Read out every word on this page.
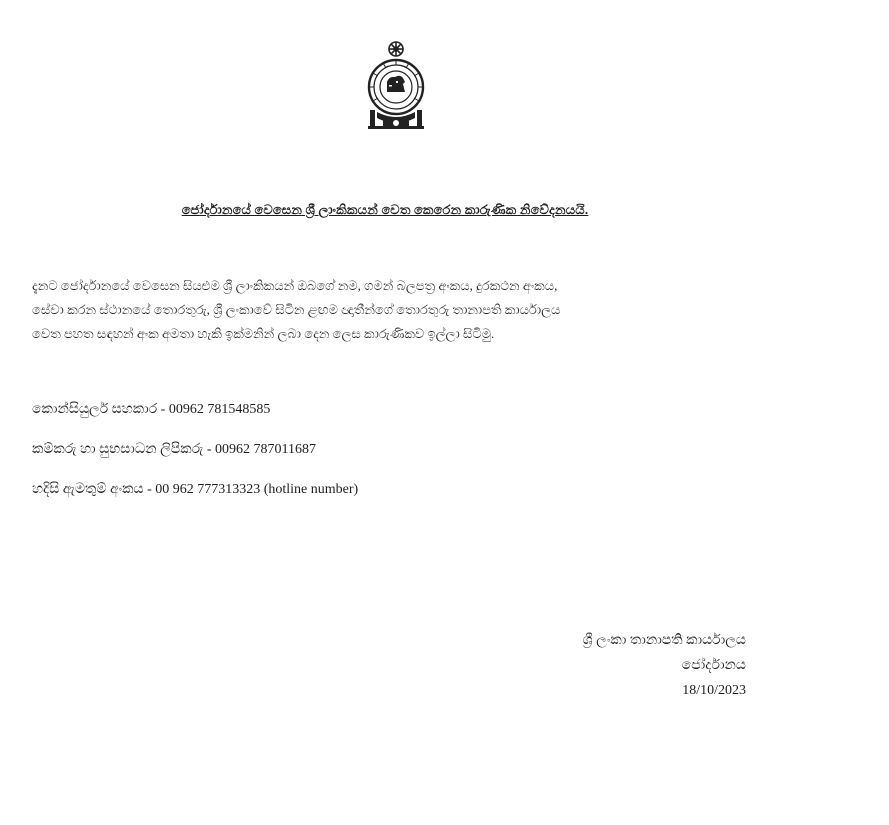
ජෝර්දානයේ වෙසෙන ශ්‍රී ලාංකිකයන් වෙත කෙරෙන කාරුණික නිවේදනයයි.

දැනට ජෝර්දානයේ වෙසෙන සියළුම ශ්‍රී ලාංකිකයන් ඔබගේ නම, ගමන් බලපත්‍ර අංකය, දුරකථන අංකය,

සේවා කරන ස්ථානයේ තොරතුරු, ශ්‍රී ලංකාවේ සිටින ළඟම ඥාතීන්ගේ තොරතුරු තානාපති කාර්යාලය

වෙත පහත සඳහන් අංක අමතා හැකි ඉක්මනින් ලබා දෙන ලෙස කාරුණිකව ඉල්ලා සිටිමු.

කොන්සියුලර් සහකාර - 00962 781548585
කම්කරු හා සුභසාධන ලිපිකරු - 00962 787011687
හදිසි ඇමතුම් අංකය - 00 962 777313323 (hotline number)
ශ්‍රී ලංකා තානාපති කාර්යාලය
ජෝර්දානය
18/10/2023
